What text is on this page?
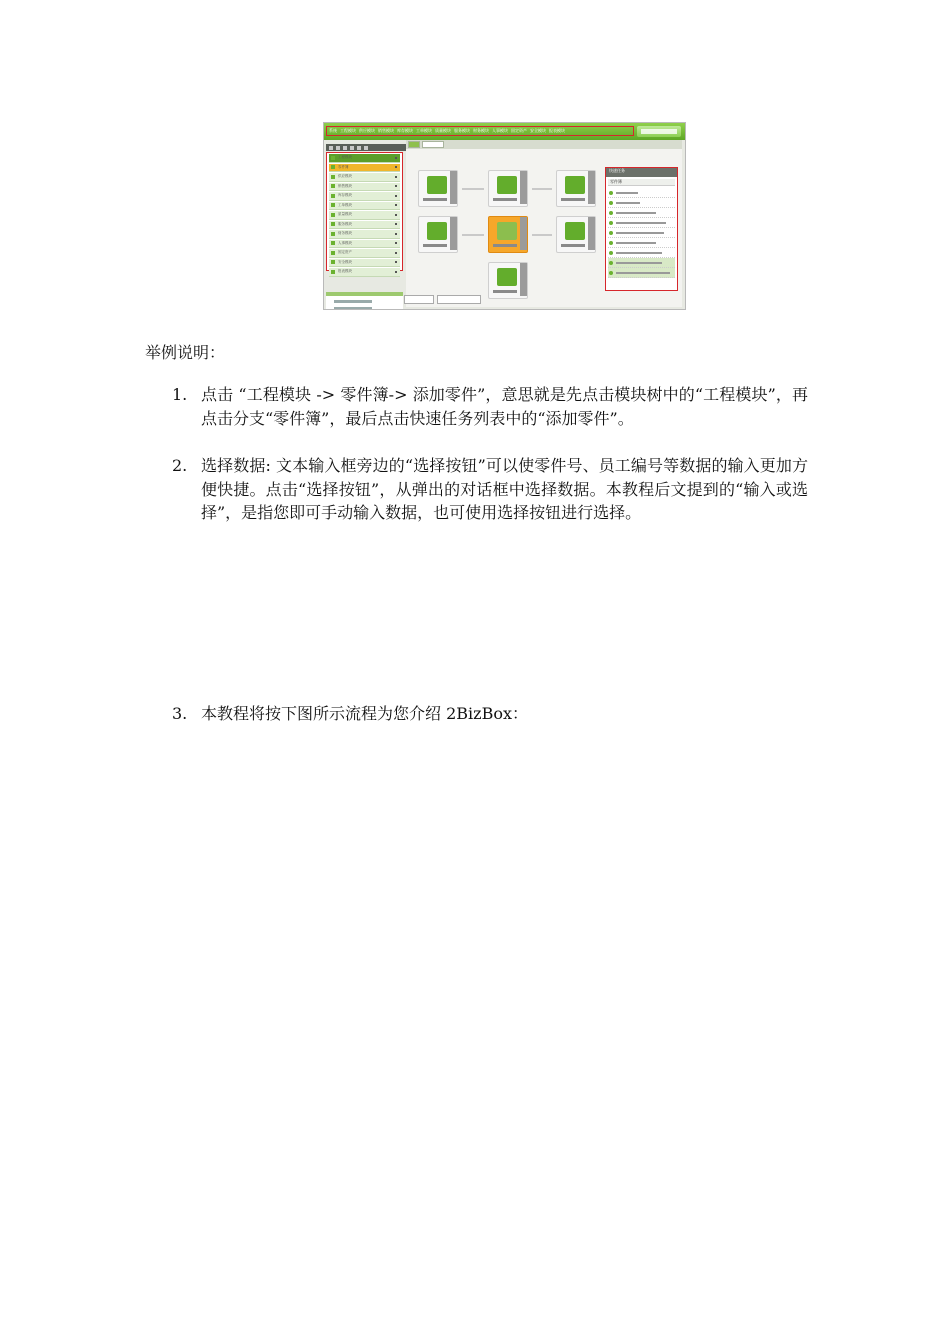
系统 工程模块 供应模块 销售模块 库存模块 工单模块 质量模块 服务模块 财务模块 人事模块 固定资产 安全模块 报表模块
工程模块
零件簿
供应模块
销售模块
库存模块
工单模块
质量模块
服务模块
财务模块
人事模块
固定资产
安全模块
报表模块
快速任务
零件簿
举例说明：
1. 点击 “工程模块 -> 零件簿-> 添加零件”，意思就是先点击模块树中的“工程模块”，再点击分支“零件簿”，最后点击快速任务列表中的“添加零件”。
2. 选择数据: 文本输入框旁边的“选择按钮”可以使零件号、员工编号等数据的输入更加方便快捷。点击“选择按钮”，从弹出的对话框中选择数据。本教程后文提到的“输入或选择”，是指您即可手动输入数据，也可使用选择按钮进行选择。
3. 本教程将按下图所示流程为您介绍 2BizBox：
